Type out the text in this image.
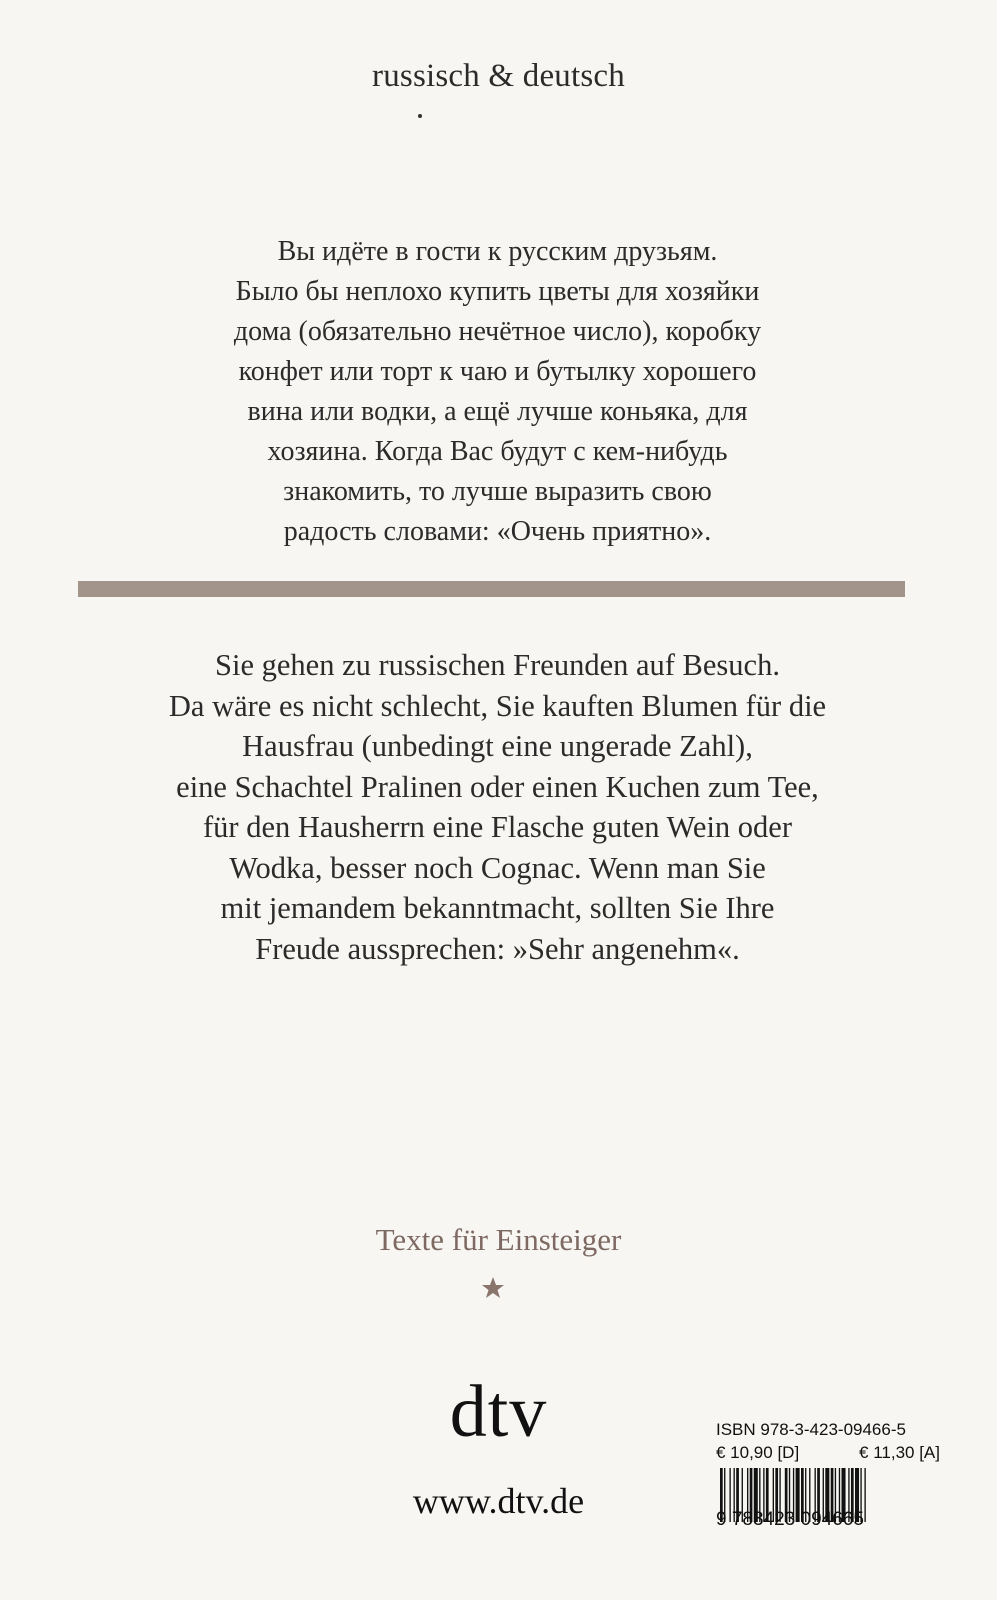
russisch & deutsch
Вы идёте в гости к русским друзьям.
Было бы неплохо купить цветы для хозяйки
дома (обязательно нечётное число), коробку
конфет или торт к чаю и бутылку хорошего
вина или водки, а ещё лучше коньяка, для
хозяина. Когда Вас будут с кем-нибудь
знакомить, то лучше выразить свою
радость словами: «Очень приятно».
Sie gehen zu russischen Freunden auf Besuch.
Da wäre es nicht schlecht, Sie kauften Blumen für die
Hausfrau (unbedingt eine ungerade Zahl),
eine Schachtel Pralinen oder einen Kuchen zum Tee,
für den Hausherrn eine Flasche guten Wein oder
Wodka, besser noch Cognac. Wenn man Sie
mit jemandem bekanntmacht, sollten Sie Ihre
Freude aussprechen: »Sehr angenehm«.
Texte für Einsteiger
dtv
www.dtv.de
ISBN 978-3-423-09466-5
€ 10,90 [D]	€ 11,30 [A]
9 783423 094665
